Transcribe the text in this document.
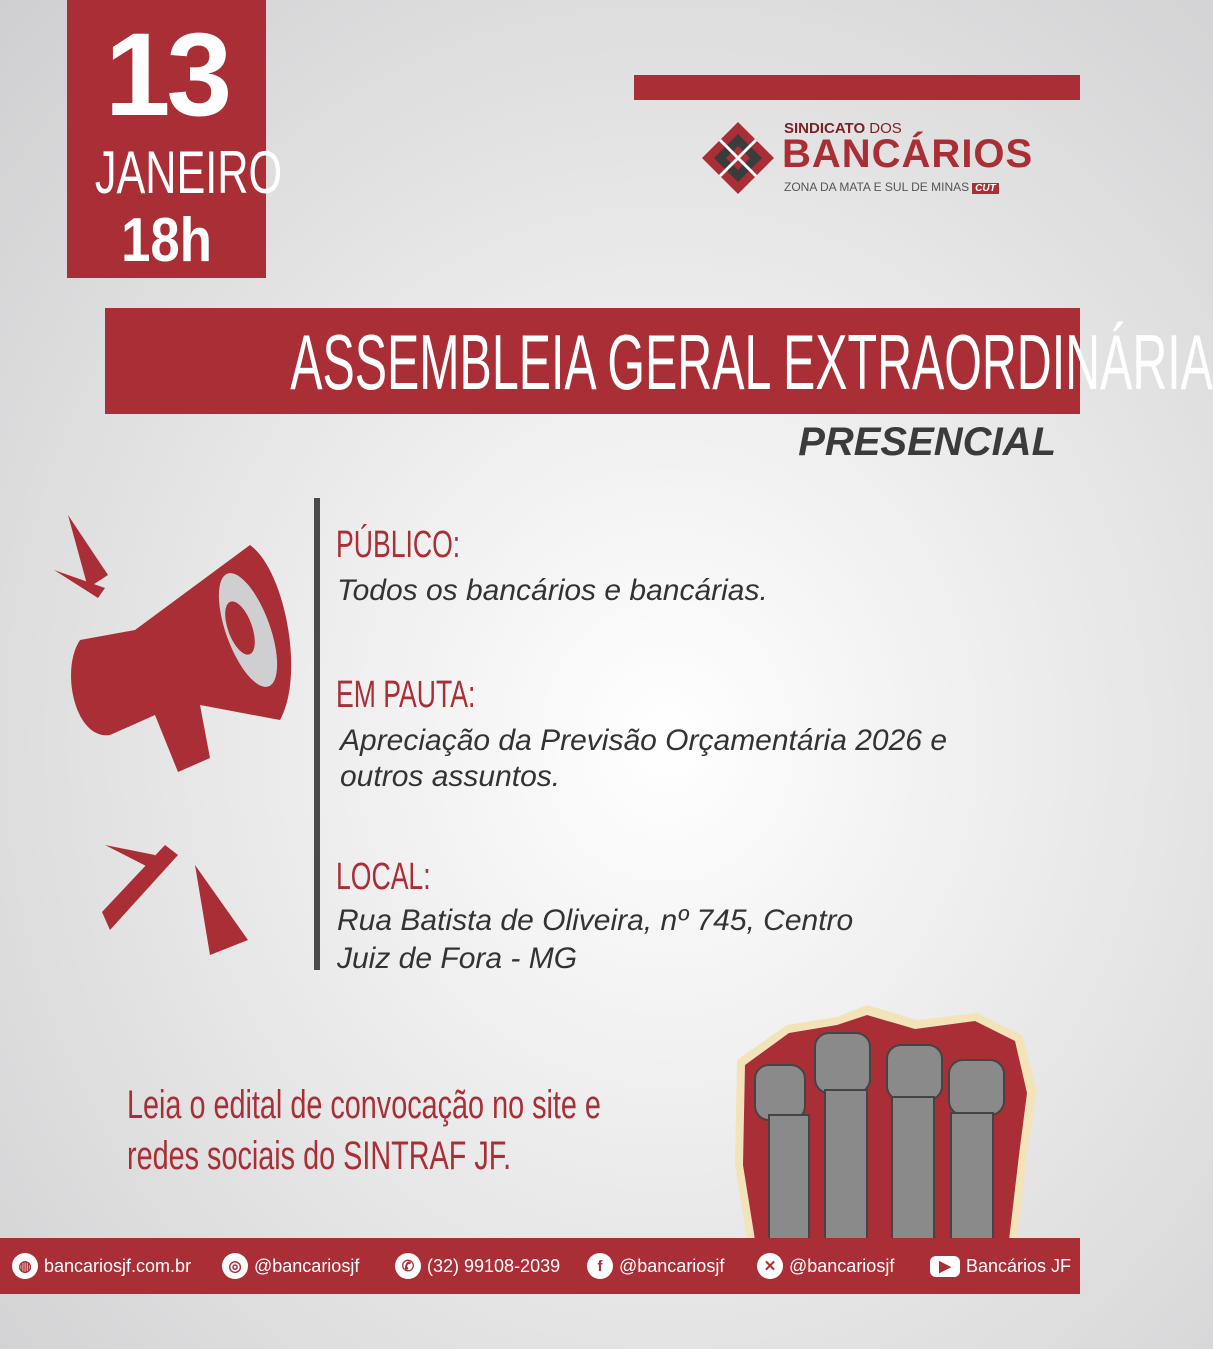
13
JANEIRO
18h
SINDICATO DOS
BANCÁRIOS
ZONA DA MATA E SUL DE MINAS CUT
ASSEMBLEIA GERAL EXTRAORDINÁRIA
PRESENCIAL
PÚBLICO:
Todos os bancários e bancárias.
EM PAUTA:
Apreciação da Previsão Orçamentária 2026 e
outros assuntos.
LOCAL:
Rua Batista de Oliveira, nº 745, Centro
Juiz de Fora - MG
Leia o edital de convocação no site e
redes sociais do SINTRAF JF.
◍ bancariosjf.com.br	◎ @bancariosjf	✆ (32) 99108-2039	f @bancariosjf	✕ @bancariosjf	▶ Bancários JF
